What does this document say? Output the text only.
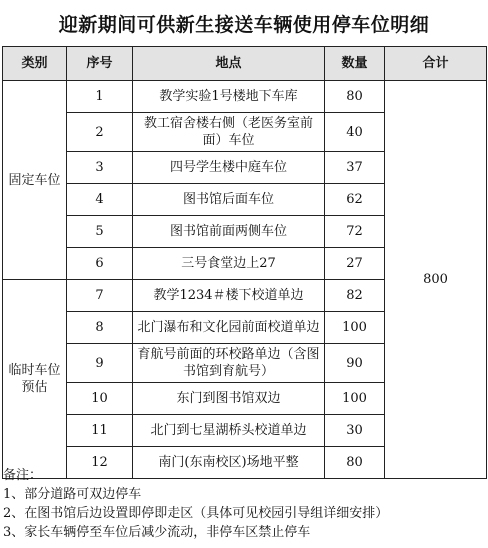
迎新期间可供新生接送车辆使用停车位明细
类别	序号	地点	数量	合计
固定车位	1	教学实验1号楼地下车库	80	800
	2	教工宿舍楼右侧（老医务室前面）车位	40	
	3	四号学生楼中庭车位	37	
	4	图书馆后面车位	62	
	5	图书馆前面两侧车位	72	
	6	三号食堂边上27	27	
临时车位预估	7	教学1234＃楼下校道单边	82	
	8	北门瀑布和文化园前面校道单边	100	
	9	育航号前面的环校路单边（含图书馆到育航号）	90	
	10	东门到图书馆双边	100	
	11	北门到七星湖桥头校道单边	30	
	12	南门(东南校区)场地平整	80	
备注：
1、部分道路可双边停车
2、在图书馆后边设置即停即走区（具体可见校园引导组详细安排）
3、家长车辆停至车位后减少流动，非停车区禁止停车
